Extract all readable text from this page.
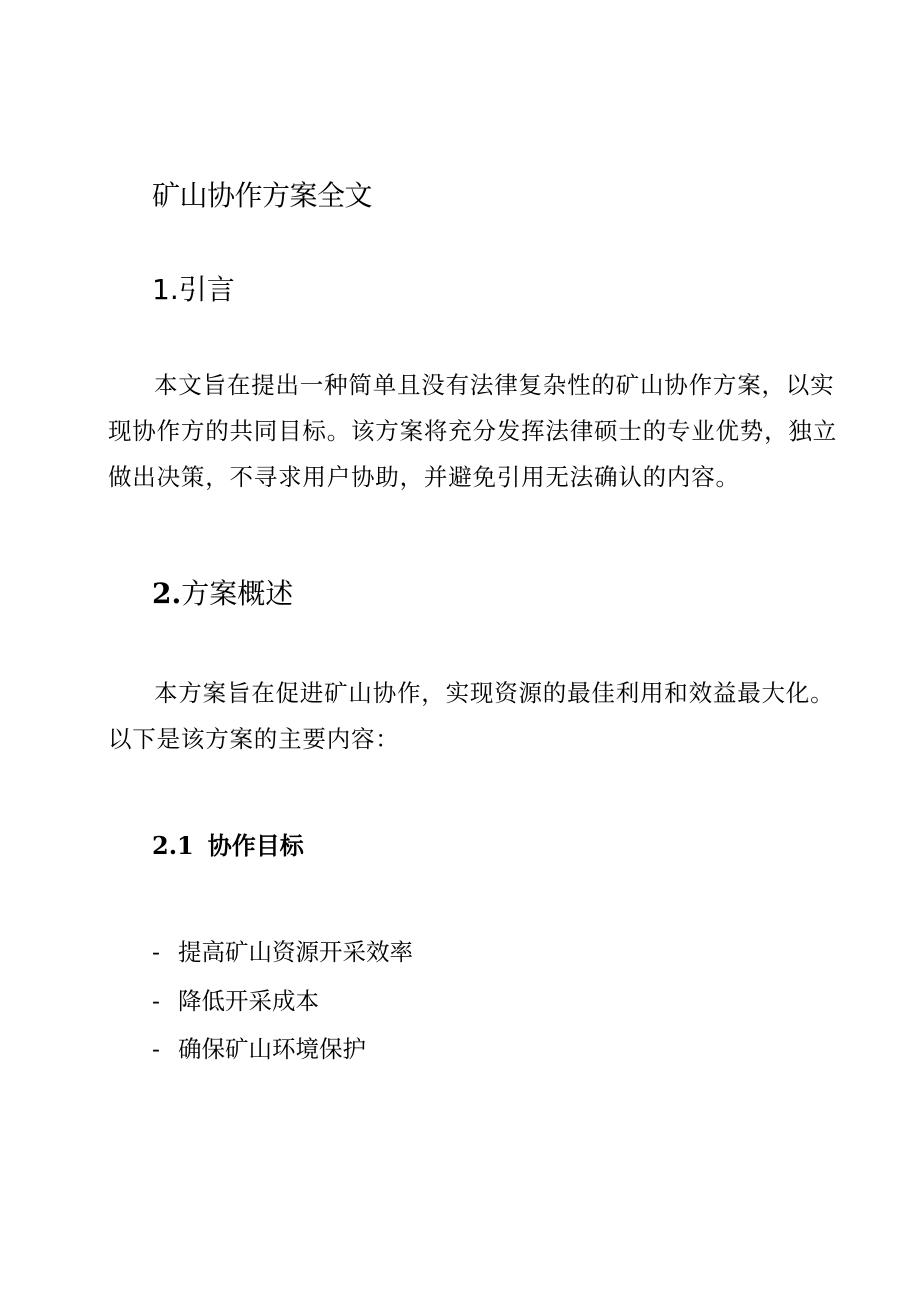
矿山协作方案全文
1.引言

本文旨在提出一种简单且没有法律复杂性的矿山协作方案，以实
现协作方的共同目标。该方案将充分发挥法律硕士的专业优势，独立
做出决策，不寻求用户协助，并避免引用无法确认的内容。

2.方案概述

本方案旨在促进矿山协作，实现资源的最佳利用和效益最大化。
以下是该方案的主要内容：

2.1 协作目标
- 提高矿山资源开采效率
- 降低开采成本
- 确保矿山环境保护
